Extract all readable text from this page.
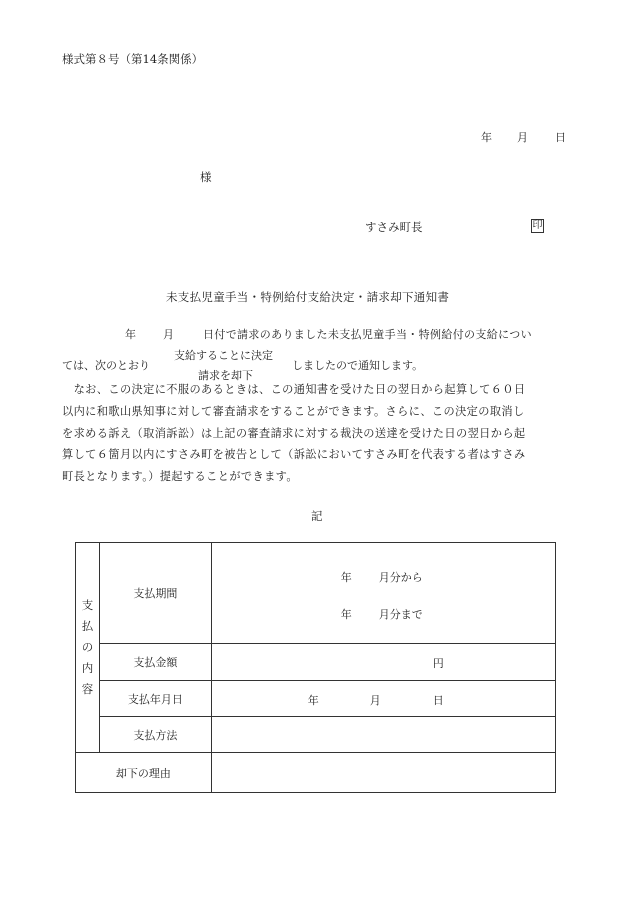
様式第８号（第14条関係）
年 月 日
様
すさみ町長	印
未支払児童手当・特例給付支給決定・請求却下通知書
年 月	日付で請求のありました未支払児童手当・特例給付の支給につい
ては、次のとおり
支給することに決定
請求を却下
しましたので通知します。

　なお、この決定に不服のあるときは、この通知書を受けた日の翌日から起算して６０日

以内に和歌山県知事に対して審査請求をすることができます。さらに、この決定の取消し

を求める訴え（取消訴訟）は上記の審査請求に対する裁決の送達を受けた日の翌日から起

算して６箇月以内にすさみ町を被告として（訴訟においてすさみ町を代表する者はすさみ

町長となります。）提起することができます。

記
支
払
の
内
容	支払期間	年 月分から
年 月分まで

	支払金額	円

	支払年月日	年 月 日

	支払方法	
却下の理由		
